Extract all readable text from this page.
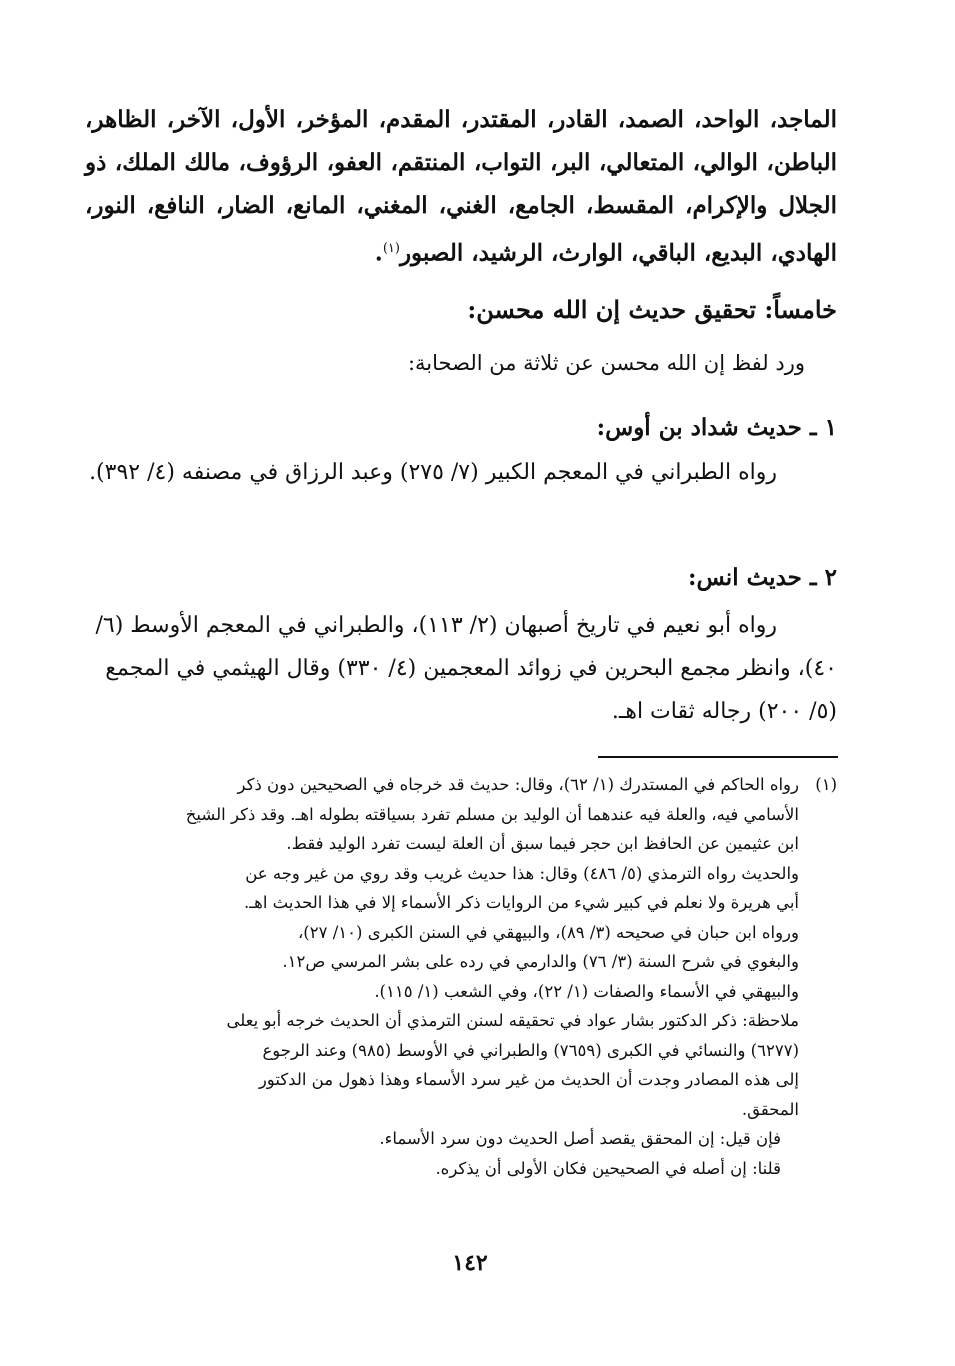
الماجد، الواحد، الصمد، القادر، المقتدر، المقدم، المؤخر، الأول، الآخر، الظاهر، الباطن، الوالي، المتعالي، البر، التواب، المنتقم، العفو، الرؤوف، مالك الملك، ذو الجلال والإكرام، المقسط، الجامع، الغني، المغني، المانع، الضار، النافع، النور، الهادي، البديع، الباقي، الوارث، الرشيد، الصبور$^{(١)}$.
خامساً: تحقيق حديث إن الله محسن:
ورد لفظ إن الله محسن عن ثلاثة من الصحابة:
١ ـ حديث شداد بن أوس:
رواه الطبراني في المعجم الكبير (٧/ ٢٧٥) وعبد الرزاق في مصنفه (٤/ ٣٩٢).
٢ ـ حديث انس:
رواه أبو نعيم في تاريخ أصبهان (٢/ ١١٣)، والطبراني في المعجم الأوسط (٦/ ٤٠)، وانظر مجمع البحرين في زوائد المعجمين (٤/ ٣٣٠) وقال الهيثمي في المجمع (٥/ ٢٠٠) رجاله ثقات اهـ.
(١)
رواه الحاكم في المستدرك (١/ ٦٢)، وقال: حديث قد خرجاه في الصحيحين دون ذكر
الأسامي فيه، والعلة فيه عندهما أن الوليد بن مسلم تفرد بسياقته بطوله اهـ. وقد ذكر الشيخ
ابن عثيمين عن الحافظ ابن حجر فيما سبق أن العلة ليست تفرد الوليد فقط.
والحديث رواه الترمذي (٥/ ٤٨٦) وقال: هذا حديث غريب وقد روي من غير وجه عن
أبي هريرة ولا نعلم في كبير شيء من الروايات ذكر الأسماء إلا في هذا الحديث اهـ.
ورواه ابن حبان في صحيحه (٣/ ٨٩)، والبيهقي في السنن الكبرى (١٠/ ٢٧)،
والبغوي في شرح السنة (٣/ ٧٦) والدارمي في رده على بشر المرسي ص١٢.
والبيهقي في الأسماء والصفات (١/ ٢٢)، وفي الشعب (١/ ١١٥).
ملاحظة: ذكر الدكتور بشار عواد في تحقيقه لسنن الترمذي أن الحديث خرجه أبو يعلى
(٦٢٧٧) والنسائي في الكبرى (٧٦٥٩) والطبراني في الأوسط (٩٨٥) وعند الرجوع
إلى هذه المصادر وجدت أن الحديث من غير سرد الأسماء وهذا ذهول من الدكتور
المحقق.
فإن قيل: إن المحقق يقصد أصل الحديث دون سرد الأسماء.
قلنا: إن أصله في الصحيحين فكان الأولى أن يذكره.
١٤٢
